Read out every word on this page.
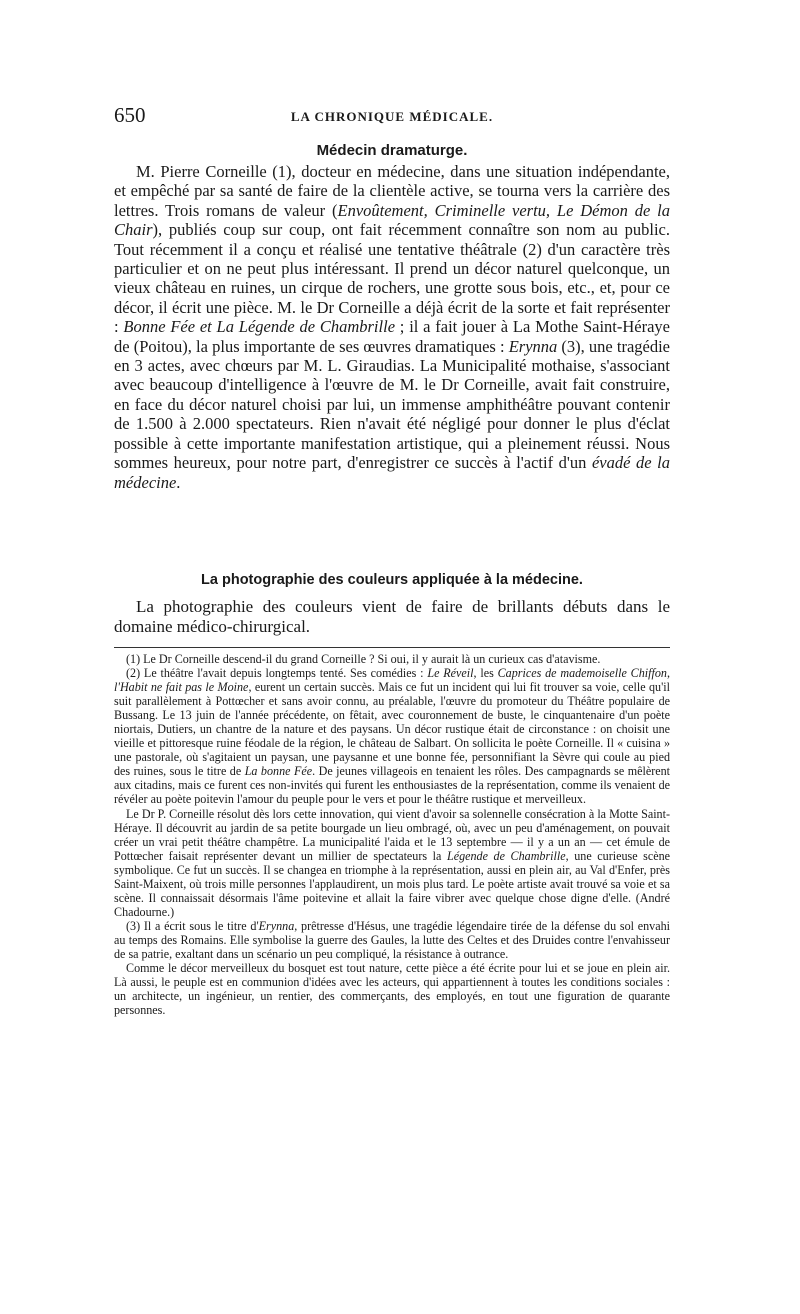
650	LA CHRONIQUE MÉDICALE.
Médecin dramaturge.

M. Pierre Corneille (1), docteur en médecine, dans une situation indépendante, et empêché par sa santé de faire de la clientèle active, se tourna vers la carrière des lettres. Trois romans de valeur (Envoûtement, Criminelle vertu, Le Démon de la Chair), publiés coup sur coup, ont fait récemment connaître son nom au public. Tout récemment il a conçu et réalisé une tentative théâtrale (2) d'un caractère très particulier et on ne peut plus intéressant. Il prend un décor naturel quelconque, un vieux château en ruines, un cirque de rochers, une grotte sous bois, etc., et, pour ce décor, il écrit une pièce. M. le Dr Corneille a déjà écrit de la sorte et fait représenter : Bonne Fée et La Légende de Chambrille ; il a fait jouer à La Mothe Saint-Héraye de (Poitou), la plus importante de ses œuvres dramatiques : Erynna (3), une tragédie en 3 actes, avec chœurs par M. L. Giraudias. La Municipalité mothaise, s'associant avec beaucoup d'intelligence à l'œuvre de M. le Dr Corneille, avait fait construire, en face du décor naturel choisi par lui, un immense amphithéâtre pouvant contenir de 1.500 à 2.000 spectateurs. Rien n'avait été négligé pour donner le plus d'éclat possible à cette importante manifestation artistique, qui a pleinement réussi. Nous sommes heureux, pour notre part, d'enregistrer ce succès à l'actif d'un évadé de la médecine.

La photographie des couleurs appliquée à la médecine.

La photographie des couleurs vient de faire de brillants débuts dans le domaine médico-chirurgical.

(1) Le Dr Corneille descend-il du grand Corneille ? Si oui, il y aurait là un curieux cas d'atavisme.

(2) Le théâtre l'avait depuis longtemps tenté. Ses comédies : Le Réveil, les Caprices de mademoiselle Chiffon, l'Habit ne fait pas le Moine, eurent un certain succès. Mais ce fut un incident qui lui fit trouver sa voie, celle qu'il suit parallèlement à Pottœcher et sans avoir connu, au préalable, l'œuvre du promoteur du Théâtre populaire de Bussang. Le 13 juin de l'année précédente, on fêtait, avec couronnement de buste, le cinquantenaire d'un poète niortais, Dutiers, un chantre de la nature et des paysans. Un décor rustique était de circonstance : on choisit une vieille et pittoresque ruine féodale de la région, le château de Salbart. On sollicita le poète Corneille. Il « cuisina » une pastorale, où s'agitaient un paysan, une paysanne et une bonne fée, personnifiant la Sèvre qui coule au pied des ruines, sous le titre de La bonne Fée. De jeunes villageois en tenaient les rôles. Des campagnards se mêlèrent aux citadins, mais ce furent ces non-invités qui furent les enthousiastes de la représentation, comme ils venaient de révéler au poète poitevin l'amour du peuple pour le vers et pour le théâtre rustique et merveilleux.

Le Dr P. Corneille résolut dès lors cette innovation, qui vient d'avoir sa solennelle consécration à la Motte Saint-Héraye. Il découvrit au jardin de sa petite bourgade un lieu ombragé, où, avec un peu d'aménagement, on pouvait créer un vrai petit théâtre champêtre. La municipalité l'aida et le 13 septembre — il y a un an — cet émule de Pottœcher faisait représenter devant un millier de spectateurs la Légende de Chambrille, une curieuse scène symbolique. Ce fut un succès. Il se changea en triomphe à la représentation, aussi en plein air, au Val d'Enfer, près Saint-Maixent, où trois mille personnes l'applaudirent, un mois plus tard. Le poète artiste avait trouvé sa voie et sa scène. Il connaissait désormais l'âme poitevine et allait la faire vibrer avec quelque chose digne d'elle. (André Chadourne.)

(3) Il a écrit sous le titre d'Erynna, prêtresse d'Hésus, une tragédie légendaire tirée de la défense du sol envahi au temps des Romains. Elle symbolise la guerre des Gaules, la lutte des Celtes et des Druides contre l'envahisseur de sa patrie, exaltant dans un scénario un peu compliqué, la résistance à outrance.

Comme le décor merveilleux du bosquet est tout nature, cette pièce a été écrite pour lui et se joue en plein air. Là aussi, le peuple est en communion d'idées avec les acteurs, qui appartiennent à toutes les conditions sociales : un architecte, un ingénieur, un rentier, des commerçants, des employés, en tout une figuration de quarante personnes.
